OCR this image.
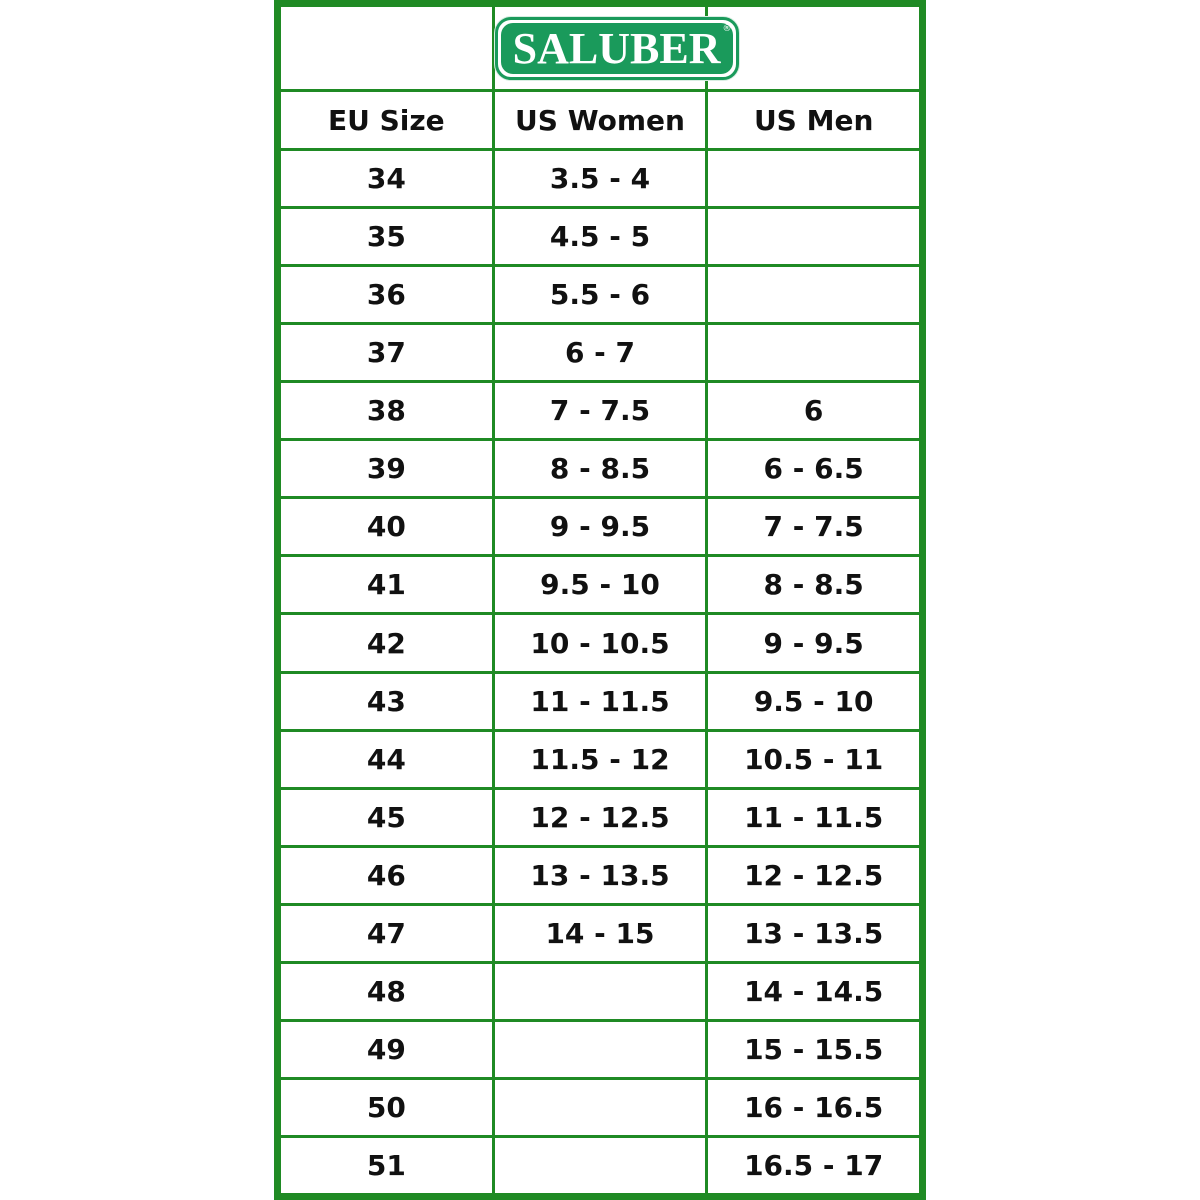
	SALUBER ®	

EU Size	US Women	US Men
34	3.5 - 4	
35	4.5 - 5	
36	5.5 - 6	
37	6 - 7	
38	7 - 7.5	6
39	8 - 8.5	6 - 6.5
40	9 - 9.5	7 - 7.5
41	9.5 - 10	8 - 8.5
42	10 - 10.5	9 - 9.5
43	11 - 11.5	9.5 - 10
44	11.5 - 12	10.5 - 11
45	12 - 12.5	11 - 11.5
46	13 - 13.5	12 - 12.5
47	14 - 15	13 - 13.5
48		14 - 14.5
49		15 - 15.5
50		16 - 16.5
51		16.5 - 17
